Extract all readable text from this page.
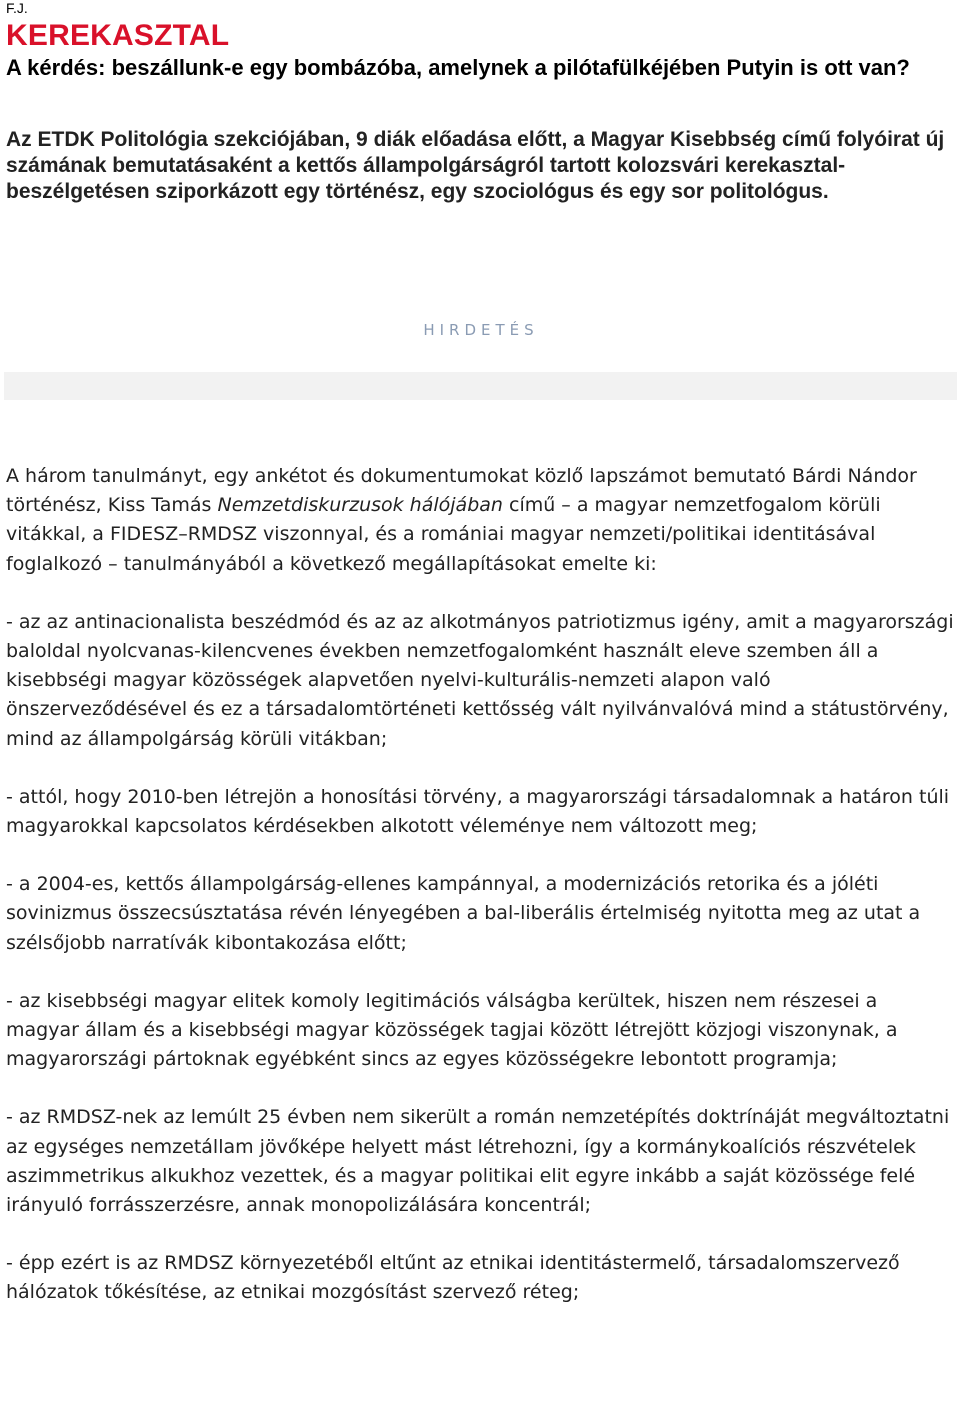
F.J.

KEREKASZTAL
A kérdés: beszállunk-e egy bombázóba, amelynek a pilótafülkéjében Putyin is ott van?

Az ETDK Politológia szekciójában, 9 diák előadása előtt, a Magyar Kisebbség című folyóirat új számának bemutatásaként a kettős állampolgárságról tartott kolozsvári kerekasztal-beszélgetésen sziporkázott egy történész, egy szociológus és egy sor politológus.

HIRDETÉS

A három tanulmányt, egy ankétot és dokumentumokat közlő lapszámot bemutató Bárdi Nándor történész, Kiss Tamás Nemzetdiskurzusok hálójában című – a magyar nemzetfogalom körüli vitákkal, a FIDESZ–RMDSZ viszonnyal, és a romániai magyar nemzeti/politikai identitásával foglalkozó – tanulmányából a következő megállapításokat emelte ki:

- az az antinacionalista beszédmód és az az alkotmányos patriotizmus igény, amit a magyarországi baloldal nyolcvanas-kilencvenes években nemzetfogalomként használt eleve szemben áll a kisebbségi magyar közösségek alapvetően nyelvi-kulturális-nemzeti alapon való önszerveződésével és ez a társadalomtörténeti kettősség vált nyilvánvalóvá mind a státustörvény, mind az állampolgárság körüli vitákban;

- attól, hogy 2010-ben létrejön a honosítási törvény, a magyarországi társadalomnak a határon túli magyarokkal kapcsolatos kérdésekben alkotott véleménye nem változott meg;

- a 2004-es, kettős állampolgárság-ellenes kampánnyal, a modernizációs retorika és a jóléti sovinizmus összecsúsztatása révén lényegében a bal-liberális értelmiség nyitotta meg az utat a szélsőjobb narratívák kibontakozása előtt;

- az kisebbségi magyar elitek komoly legitimációs válságba kerültek, hiszen nem részesei a magyar állam és a kisebbségi magyar közösségek tagjai között létrejött közjogi viszonynak, a magyarországi pártoknak egyébként sincs az egyes közösségekre lebontott programja;

- az RMDSZ-nek az lemúlt 25 évben nem sikerült a román nemzetépítés doktrínáját megváltoztatni az egységes nemzetállam jövőképe helyett mást létrehozni, így a kormánykoalíciós részvételek aszimmetrikus alkukhoz vezettek, és a magyar politikai elit egyre inkább a saját közössége felé irányuló forrásszerzésre, annak monopolizálására koncentrál;

- épp ezért is az RMDSZ környezetéből eltűnt az etnikai identitástermelő, társadalomszervező hálózatok tőkésítése, az etnikai mozgósítást szervező réteg;
